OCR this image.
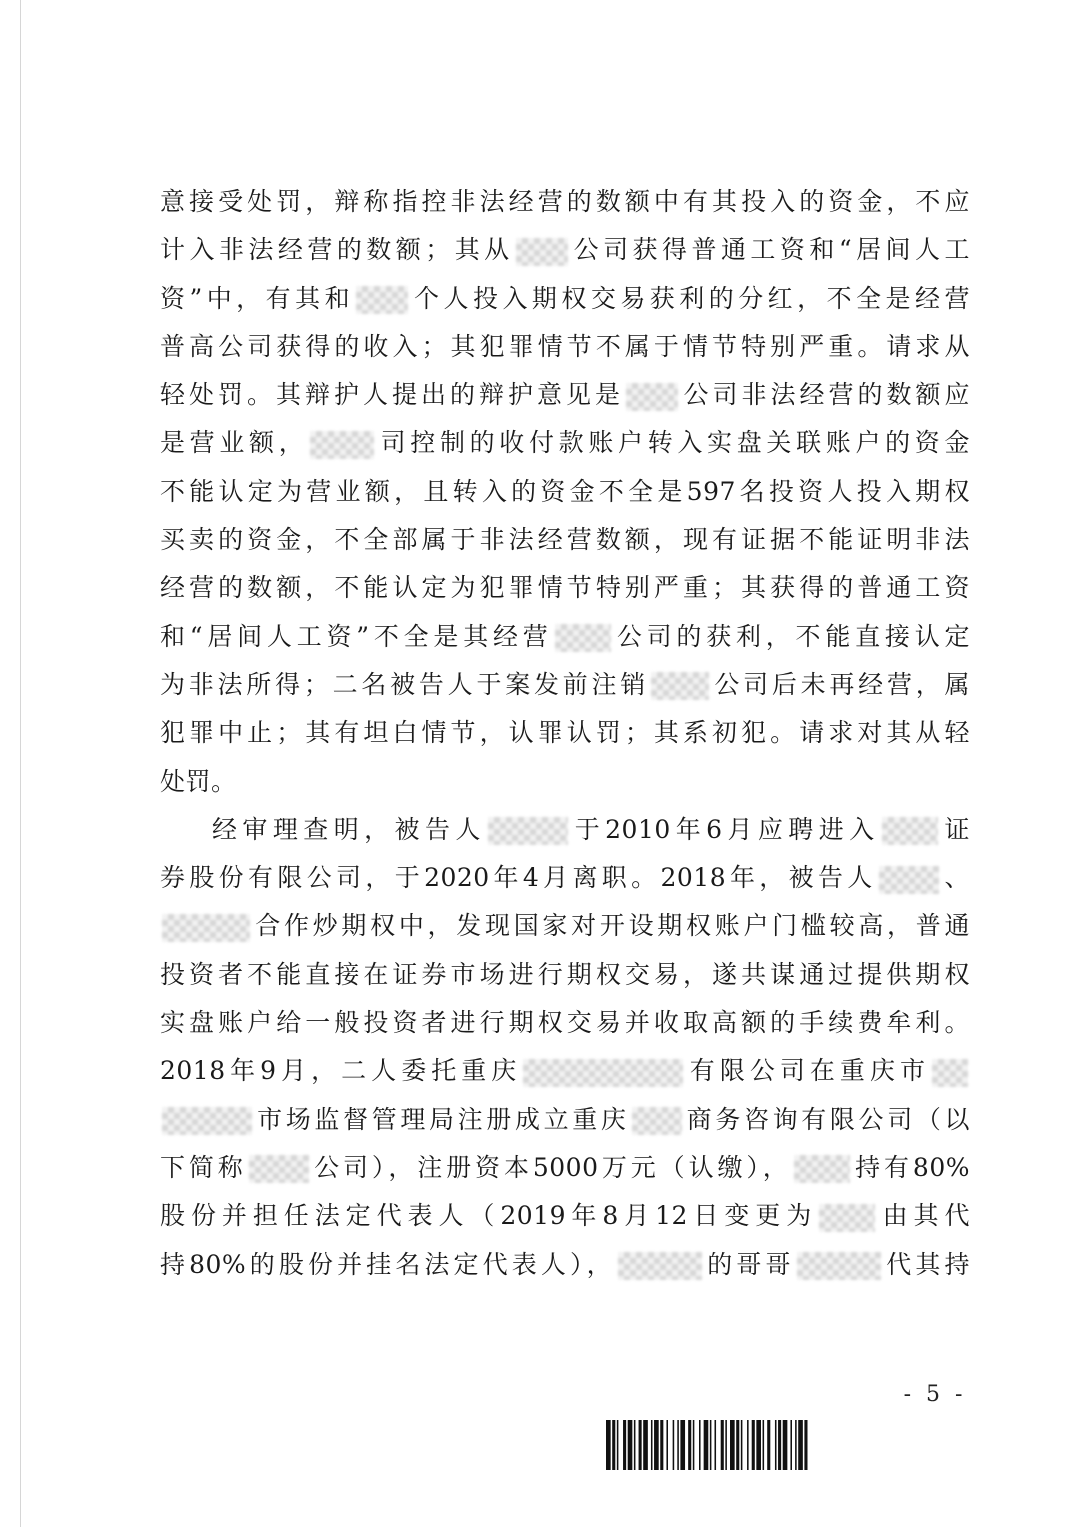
意接受处罚，辩称指控非法经营的数额中有其投入的资金，不应
计入非法经营的数额；其从 公司获得普通工资和“居间人工
资”中，有其和 个人投入期权交易获利的分红，不全是经营
普高公司获得的收入；其犯罪情节不属于情节特别严重。请求从
轻处罚。其辩护人提出的辩护意见是 公司非法经营的数额应
是营业额，	司控制的收付款账户转入实盘关联账户的资金
不能认定为营业额，且转入的资金不全是597名投资人投入期权
买卖的资金，不全部属于非法经营数额，现有证据不能证明非法
经营的数额，不能认定为犯罪情节特别严重；其获得的普通工资
和“居间人工资”不全是其经营 公司的获利，不能直接认定
为非法所得；二名被告人于案发前注销 公司后未再经营，属
犯罪中止；其有坦白情节，认罪认罚；其系初犯。请求对其从轻
处罚。
经审理查明，被告人	于2010年6月应聘进入 证
券股份有限公司，于2020年4月离职。2018年，被告人	、
合作炒期权中，发现国家对开设期权账户门槛较高，普通
投资者不能直接在证券市场进行期权交易，遂共谋通过提供期权
实盘账户给一般投资者进行期权交易并收取高额的手续费牟利。
2018年9月，二人委托重庆	有限公司在重庆市
市场监督管理局注册成立重庆 商务咨询有限公司（以
下简称	公司），注册资本5000万元（认缴）， 持有80%
股份并担任法定代表人（2019年8月12日变更为 由其代
持80%的股份并挂名法定代表人），	的哥哥	代其持
- 5 -
